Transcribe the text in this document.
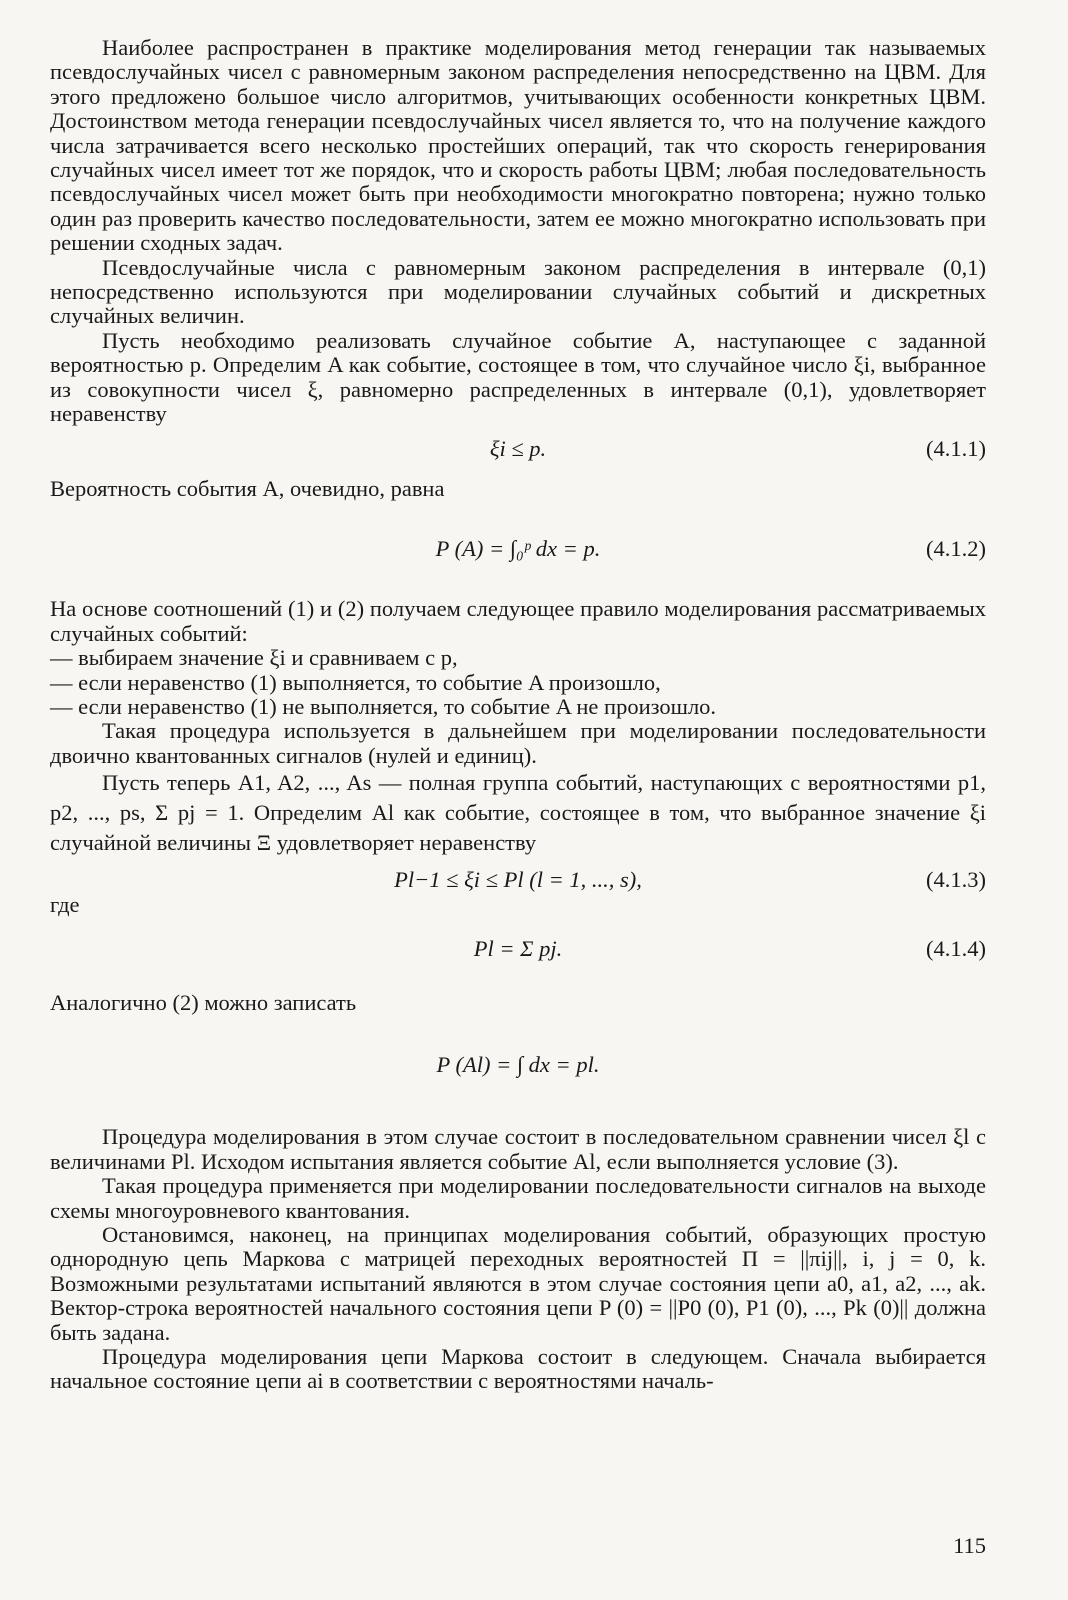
Наиболее распространен в практике моделирования метод генерации так называемых псевдослучайных чисел с равномерным законом распределения непосредственно на ЦВМ. Для этого предложено большое число алгоритмов, учитывающих особенности конкретных ЦВМ. Достоинством метода генерации псевдослучайных чисел является то, что на получение каждого числа затрачивается всего несколько простейших операций, так что скорость генерирования случайных чисел имеет тот же порядок, что и скорость работы ЦВМ; любая последовательность псевдослучайных чисел может быть при необходимости многократно повторена; нужно только один раз проверить качество последовательности, затем ее можно многократно использовать при решении сходных задач.

Псевдослучайные числа с равномерным законом распределения в интервале (0,1) непосредственно используются при моделировании случайных событий и дискретных случайных величин.

Пусть необходимо реализовать случайное событие A, наступающее с заданной вероятностью p. Определим A как событие, состоящее в том, что случайное число ξi, выбранное из совокупности чисел ξ, равномерно распределенных в интервале (0,1), удовлетворяет неравенству

ξi ≤ p.	(4.1.1)

Вероятность события A, очевидно, равна

P (A) = ∫₀ᵖ dx = p.	(4.1.2)

На основе соотношений (1) и (2) получаем следующее правило моделирования рассматриваемых случайных событий:

— выбираем значение ξi и сравниваем с p,
— если неравенство (1) выполняется, то событие A произошло,
— если неравенство (1) не выполняется, то событие A не произошло.

Такая процедура используется в дальнейшем при моделировании последовательности двоично квантованных сигналов (нулей и единиц).

Пусть теперь A1, A2, ..., As — полная группа событий, наступающих с вероятностями p1, p2, ..., ps, Σ pj = 1. Определим Al как событие, состоящее в том, что выбранное значение ξi случайной величины Ξ удовлетворяет неравенству

Pl−1 ≤ ξi ≤ Pl (l = 1, ..., s),	(4.1.3)

где

Pl = Σ pj.	(4.1.4)

Аналогично (2) можно записать

P (Al) = ∫ dx = pl.

Процедура моделирования в этом случае состоит в последовательном сравнении чисел ξl с величинами Pl. Исходом испытания является событие Al, если выполняется условие (3).

Такая процедура применяется при моделировании последовательности сигналов на выходе схемы многоуровневого квантования.

Остановимся, наконец, на принципах моделирования событий, образующих простую однородную цепь Маркова с матрицей переходных вероятностей Π = ||πij||, i, j = 0, k. Возможными результатами испытаний являются в этом случае состояния цепи a0, a1, a2, ..., ak. Вектор-строка вероятностей начального состояния цепи P (0) = ||P0 (0), P1 (0), ..., Pk (0)|| должна быть задана.

Процедура моделирования цепи Маркова состоит в следующем. Сначала выбирается начальное состояние цепи ai в соответствии с вероятностями началь-

115
